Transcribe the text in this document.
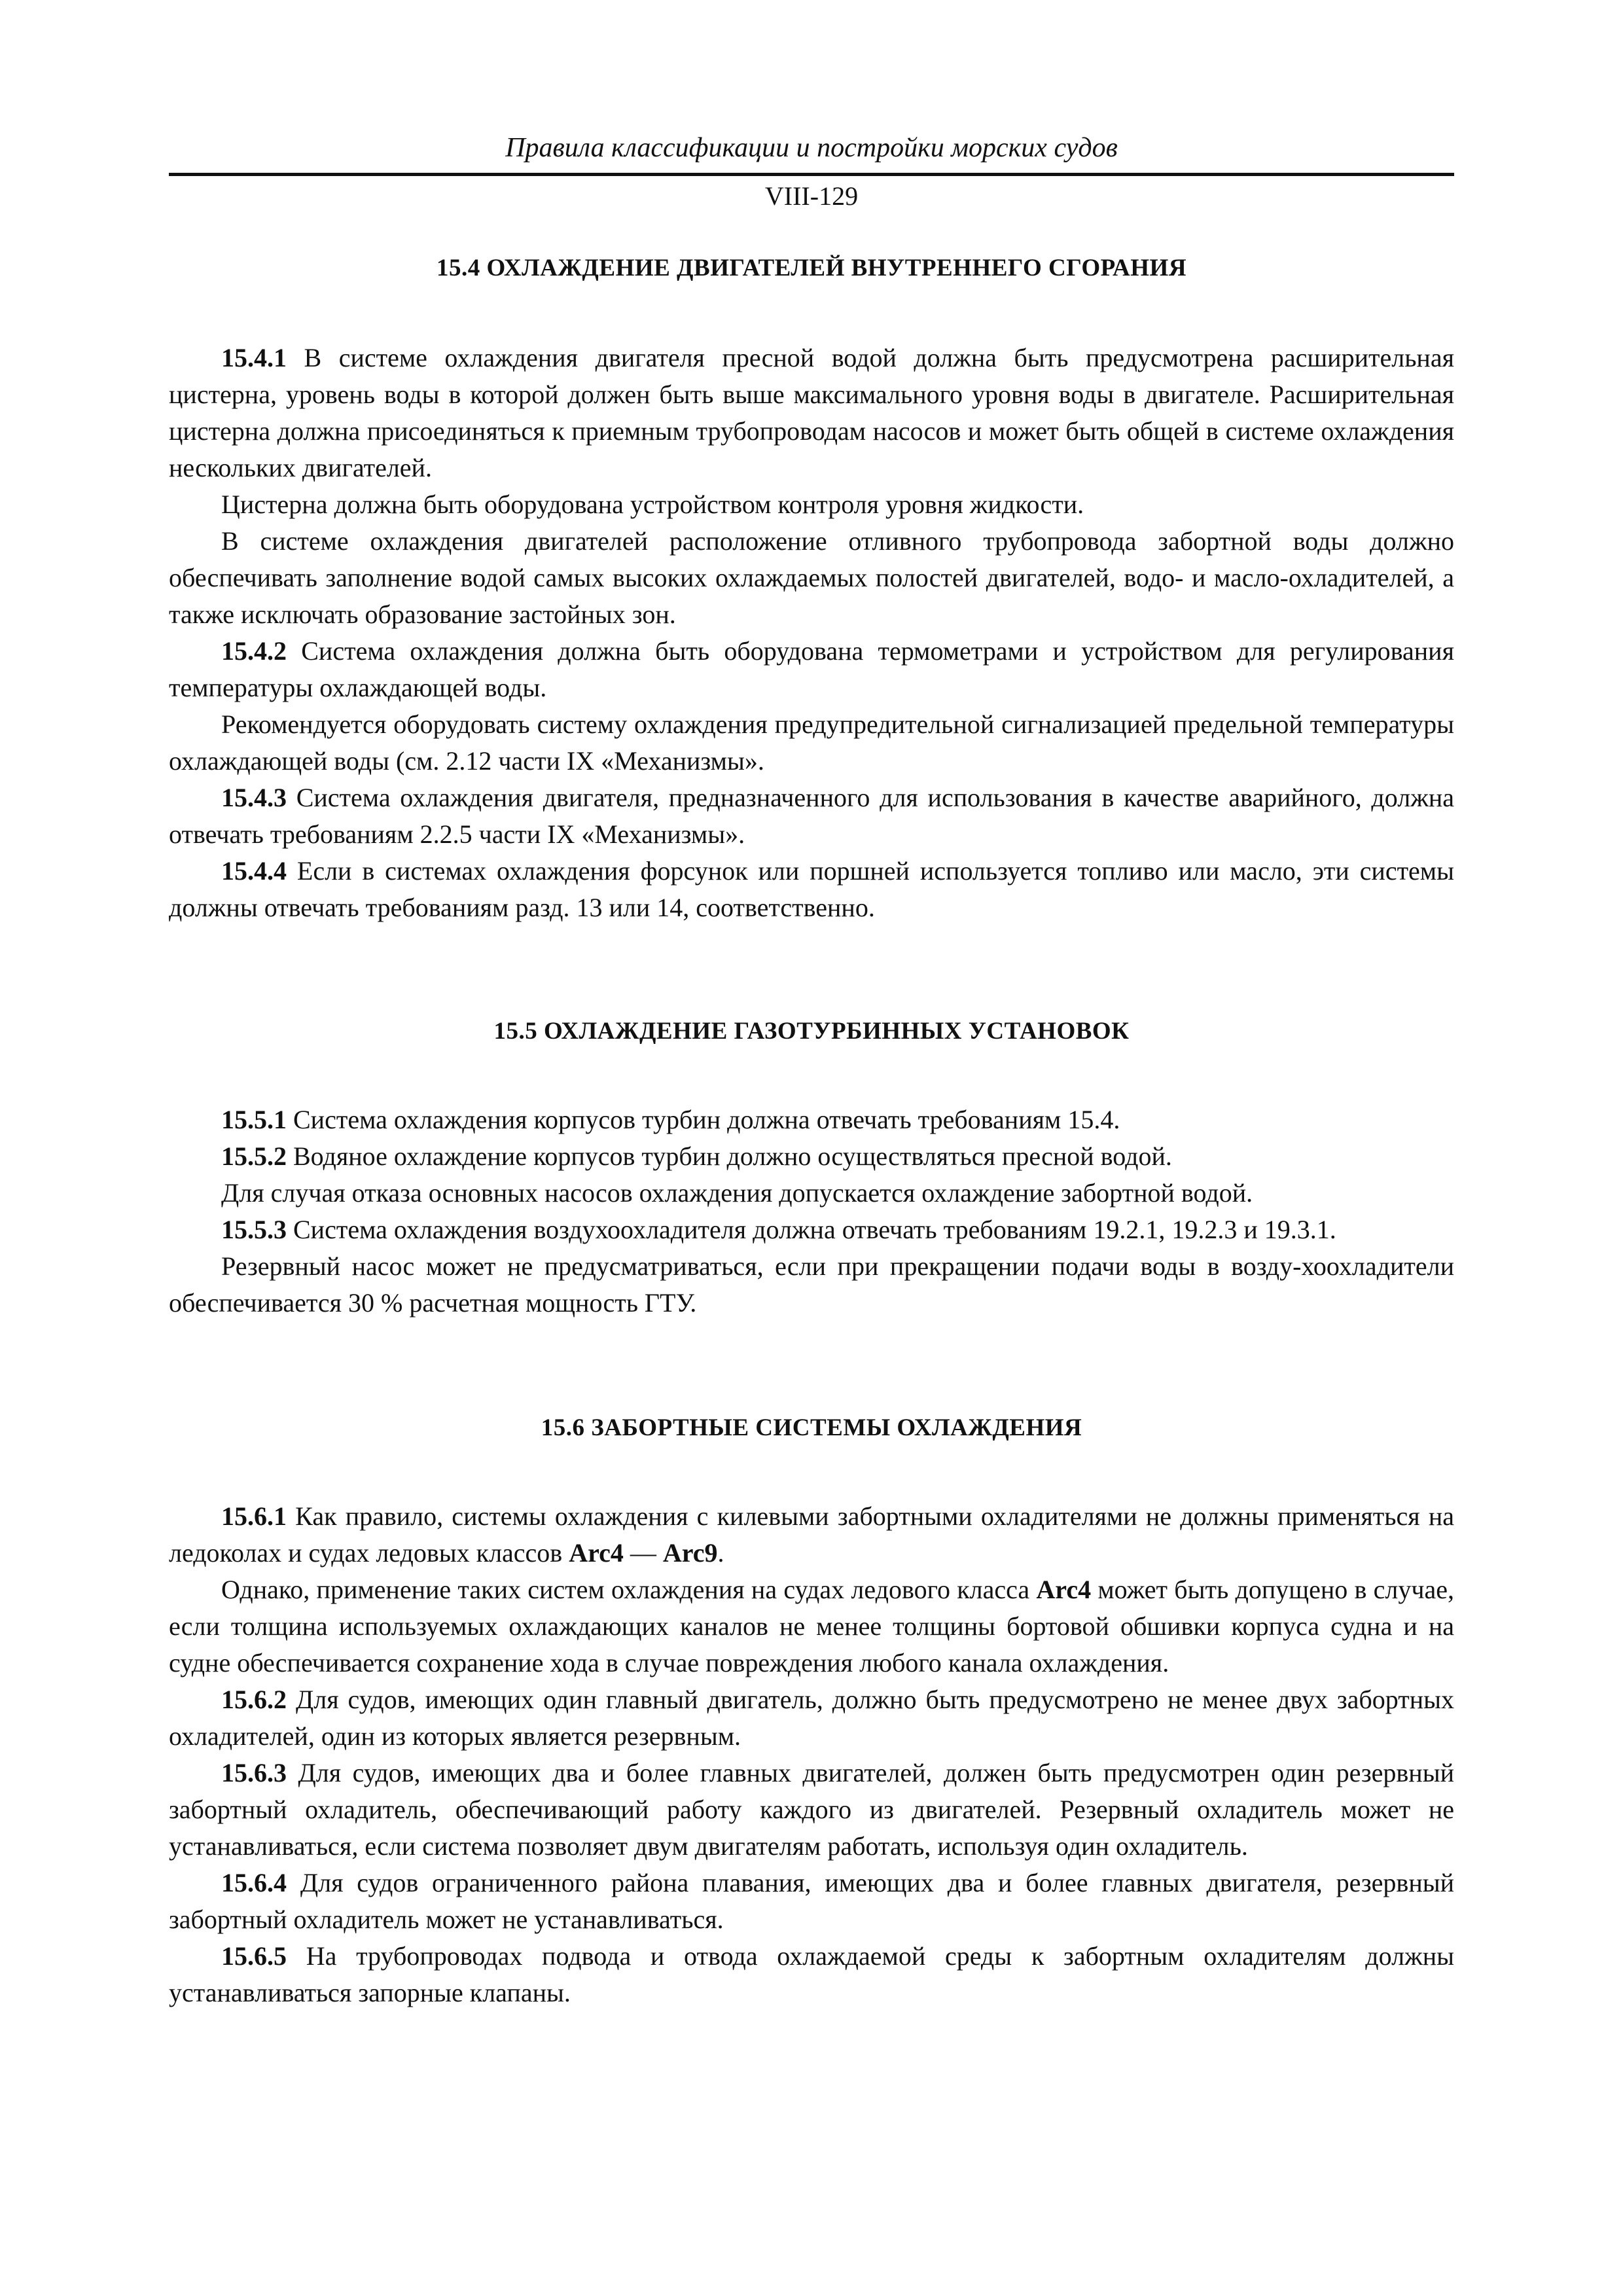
Правила классификации и постройки морских судов
VIII-129
15.4 ОХЛАЖДЕНИЕ ДВИГАТЕЛЕЙ ВНУТРЕННЕГО СГОРАНИЯ

15.4.1 В системе охлаждения двигателя пресной водой должна быть предусмотрена расширительная цистерна, уровень воды в которой должен быть выше максимального уровня воды в двигателе. Расширительная цистерна должна присоединяться к приемным трубопроводам насосов и может быть общей в системе охлаждения нескольких двигателей.

Цистерна должна быть оборудована устройством контроля уровня жидкости.

В системе охлаждения двигателей расположение отливного трубопровода забортной воды должно обеспечивать заполнение водой самых высоких охлаждаемых полостей двигателей, водо- и масло-охладителей, а также исключать образование застойных зон.

15.4.2 Система охлаждения должна быть оборудована термометрами и устройством для регулирования температуры охлаждающей воды.

Рекомендуется оборудовать систему охлаждения предупредительной сигнализацией предельной температуры охлаждающей воды (см. 2.12 части IX «Механизмы».

15.4.3 Система охлаждения двигателя, предназначенного для использования в качестве аварийного, должна отвечать требованиям 2.2.5 части IX «Механизмы».

15.4.4 Если в системах охлаждения форсунок или поршней используется топливо или масло, эти системы должны отвечать требованиям разд. 13 или 14, соответственно.

15.5 ОХЛАЖДЕНИЕ ГАЗОТУРБИННЫХ УСТАНОВОК

15.5.1 Система охлаждения корпусов турбин должна отвечать требованиям 15.4.

15.5.2 Водяное охлаждение корпусов турбин должно осуществляться пресной водой.

Для случая отказа основных насосов охлаждения допускается охлаждение забортной водой.

15.5.3 Система охлаждения воздухоохладителя должна отвечать требованиям 19.2.1, 19.2.3 и 19.3.1.

Резервный насос может не предусматриваться, если при прекращении подачи воды в возду-хоохладители обеспечивается 30 % расчетная мощность ГТУ.

15.6 ЗАБОРТНЫЕ СИСТЕМЫ ОХЛАЖДЕНИЯ

15.6.1 Как правило, системы охлаждения с килевыми забортными охладителями не должны применяться на ледоколах и судах ледовых классов Arc4 — Arc9.

Однако, применение таких систем охлаждения на судах ледового класса Arc4 может быть допущено в случае, если толщина используемых охлаждающих каналов не менее толщины бортовой обшивки корпуса судна и на судне обеспечивается сохранение хода в случае повреждения любого канала охлаждения.

15.6.2 Для судов, имеющих один главный двигатель, должно быть предусмотрено не менее двух забортных охладителей, один из которых является резервным.

15.6.3 Для судов, имеющих два и более главных двигателей, должен быть предусмотрен один резервный забортный охладитель, обеспечивающий работу каждого из двигателей. Резервный охладитель может не устанавливаться, если система позволяет двум двигателям работать, используя один охладитель.

15.6.4 Для судов ограниченного района плавания, имеющих два и более главных двигателя, резервный забортный охладитель может не устанавливаться.

15.6.5 На трубопроводах подвода и отвода охлаждаемой среды к забортным охладителям должны устанавливаться запорные клапаны.
